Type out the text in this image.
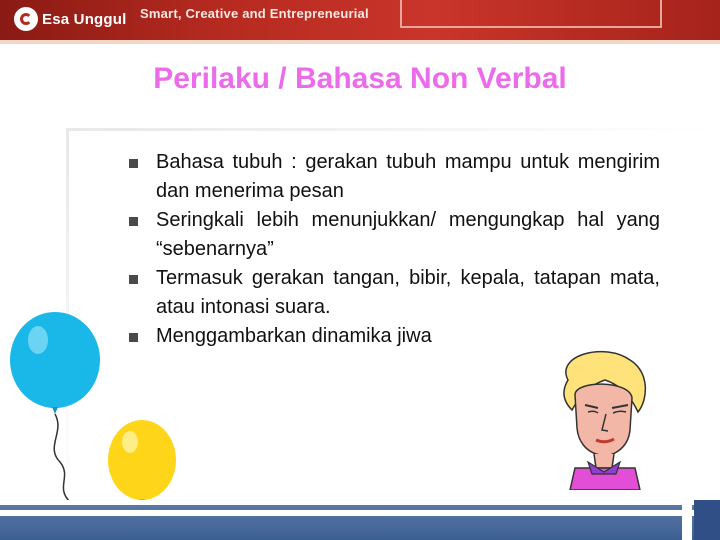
Esa Unggul Smart, Creative and Entrepreneurial
Perilaku / Bahasa Non Verbal
Bahasa tubuh : gerakan tubuh mampu untuk mengirim dan menerima pesan
Seringkali lebih menunjukkan/ mengungkap hal yang “sebenarnya”
Termasuk gerakan tangan, bibir, kepala, tatapan mata, atau intonasi suara.
Menggambarkan dinamika jiwa
